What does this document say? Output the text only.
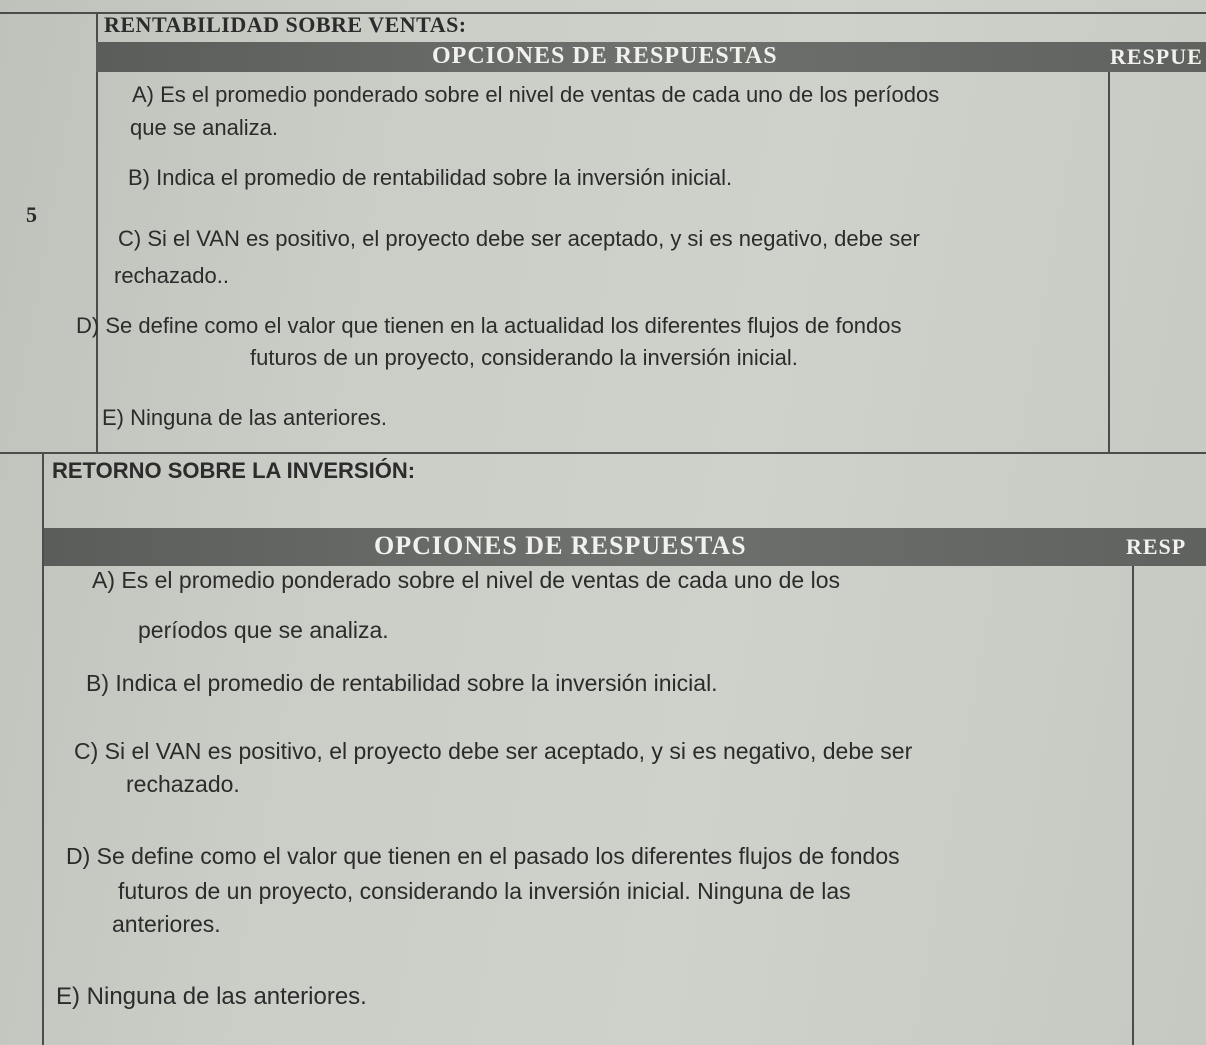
RENTABILIDAD SOBRE VENTAS:
OPCIONES DE RESPUESTAS	RESPUE
5
A) Es el promedio ponderado sobre el nivel de ventas de cada uno de los períodos
que se analiza.
B) Indica el promedio de rentabilidad sobre la inversión inicial.
C) Si el VAN es positivo, el proyecto debe ser aceptado, y si es negativo, debe ser
rechazado..
D) Se define como el valor que tienen en la actualidad los diferentes flujos de fondos
futuros de un proyecto, considerando la inversión inicial.
E) Ninguna de las anteriores.
RETORNO SOBRE LA INVERSIÓN:
OPCIONES DE RESPUESTAS	RESP
A) Es el promedio ponderado sobre el nivel de ventas de cada uno de los
períodos que se analiza.
B) Indica el promedio de rentabilidad sobre la inversión inicial.
C) Si el VAN es positivo, el proyecto debe ser aceptado, y si es negativo, debe ser
rechazado.
D) Se define como el valor que tienen en el pasado los diferentes flujos de fondos
futuros de un proyecto, considerando la inversión inicial. Ninguna de las
anteriores.
E) Ninguna de las anteriores.
